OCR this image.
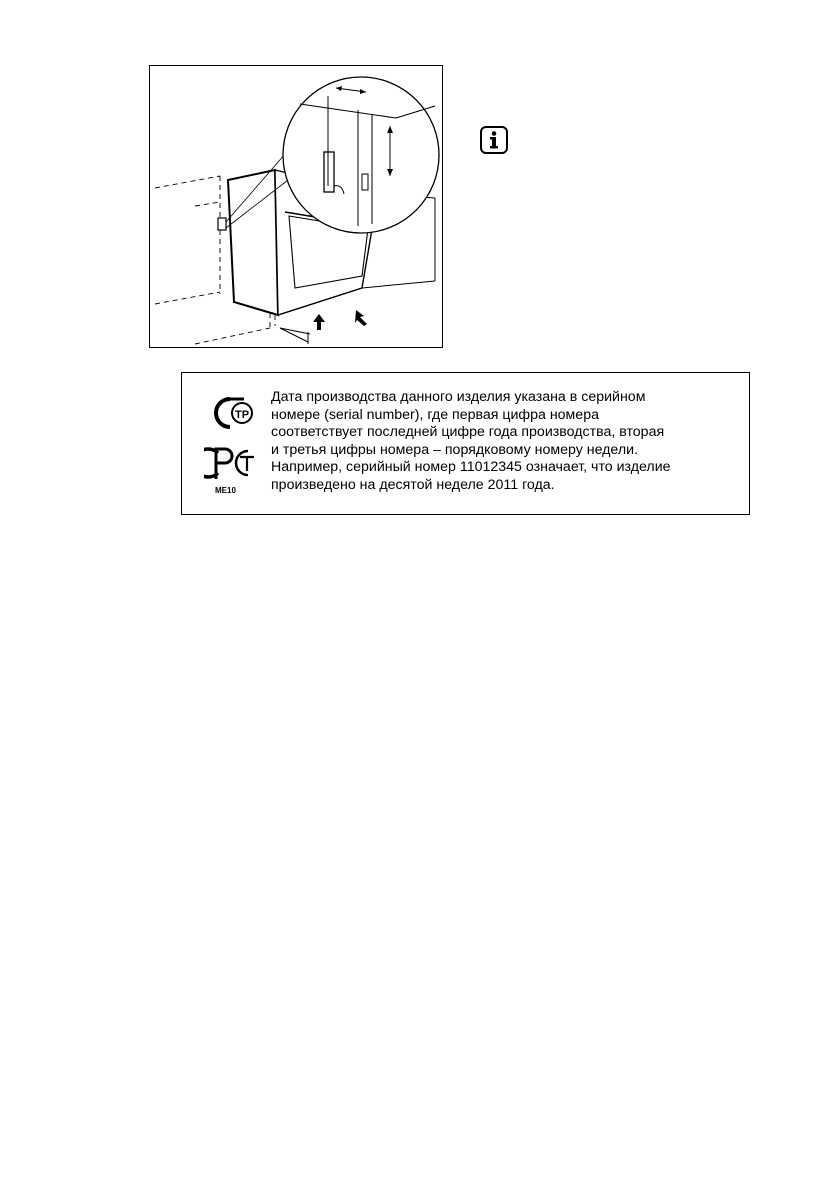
ТР
ME10

Дата производства данного изделия указана в серийном
номере (serial number), где первая цифра номера
соответствует последней цифре года производства, вторая
и третья цифры номера – порядковому номеру недели.
Например, серийный номер 11012345 означает, что изделие
произведено на десятой неделе 2011 года.
